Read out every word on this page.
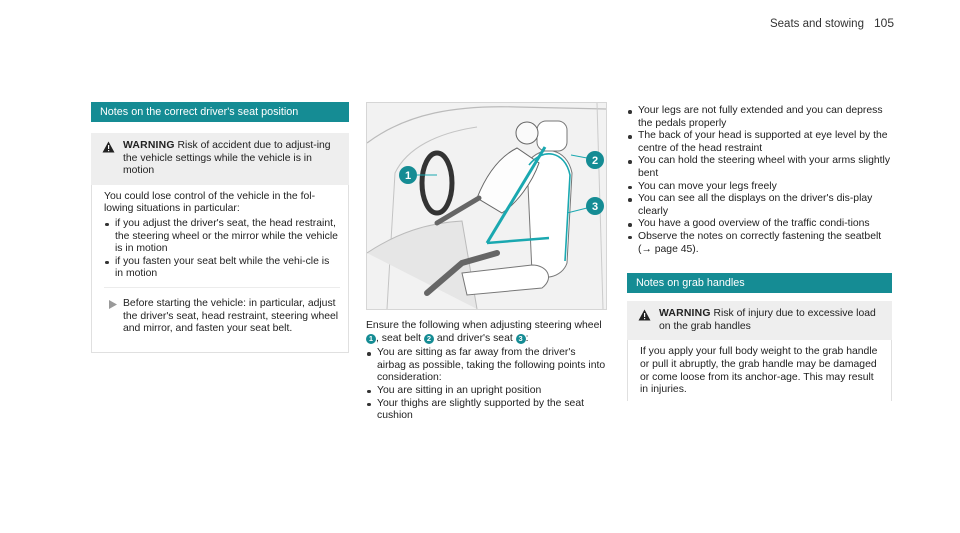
Seats and stowing 105
Notes on the correct driver's seat position
WARNING Risk of accident due to adjust-ing the vehicle settings while the vehicle is in motion

You could lose control of the vehicle in the fol-lowing situations in particular:

if you adjust the driver's seat, the head restraint, the steering wheel or the mirror while the vehicle is in motion
if you fasten your seat belt while the vehi-cle is in motion
Before starting the vehicle: in particular, adjust the driver's seat, head restraint, steering wheel and mirror, and fasten your seat belt.
1
2
3

Ensure the following when adjusting steering wheel 1 , seat belt 2 and driver's seat 3 :

You are sitting as far away from the driver's airbag as possible, taking the following points into consideration:
You are sitting in an upright position
Your thighs are slightly supported by the seat cushion
Your legs are not fully extended and you can depress the pedals properly
The back of your head is supported at eye level by the centre of the head restraint
You can hold the steering wheel with your arms slightly bent
You can move your legs freely
You can see all the displays on the driver's dis-play clearly
You have a good overview of the traffic condi-tions
Observe the notes on correctly fastening the seatbelt (→ page 45).
Notes on grab handles
WARNING Risk of injury due to excessive load on the grab handles
If you apply your full body weight to the grab handle or pull it abruptly, the grab handle may be damaged or come loose from its anchor-age. This may result in injuries.
